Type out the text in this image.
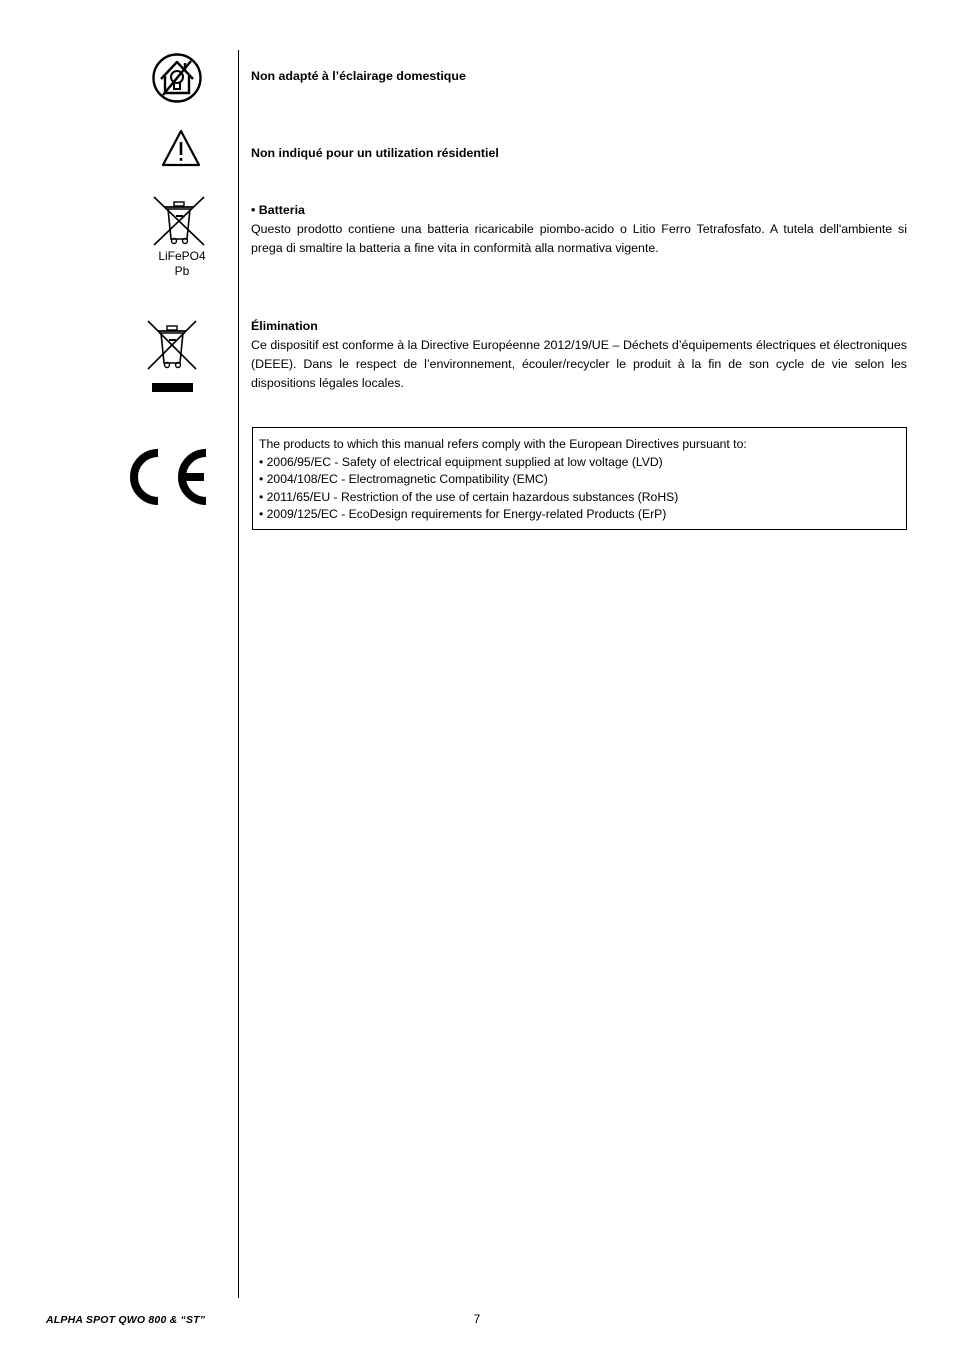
LiFePO4
Pb
Non adapté à l’éclairage domestique
Non indiqué pour un utilization résidentiel
• Batteria
Questo prodotto contiene una batteria ricaricabile piombo-acido o Litio Ferro Tetrafosfato. A tutela dell'ambiente si prega di smaltire la batteria a fine vita in conformità alla normativa vigente.
Élimination
Ce dispositif est conforme à la Directive Européenne 2012/19/UE – Déchets d’équipements électriques et électroniques (DEEE). Dans le respect de l’environnement, écouler/recycler le produit à la fin de son cycle de vie selon les dispositions légales locales.
The products to which this manual refers comply with the European Directives pursuant to:
• 2006/95/EC - Safety of electrical equipment supplied at low voltage (LVD)
• 2004/108/EC - Electromagnetic Compatibility (EMC)
• 2011/65/EU - Restriction of the use of certain hazardous substances (RoHS)
• 2009/125/EC - EcoDesign requirements for Energy-related Products (ErP)
ALPHA SPOT QWO 800 & “ST”	7
